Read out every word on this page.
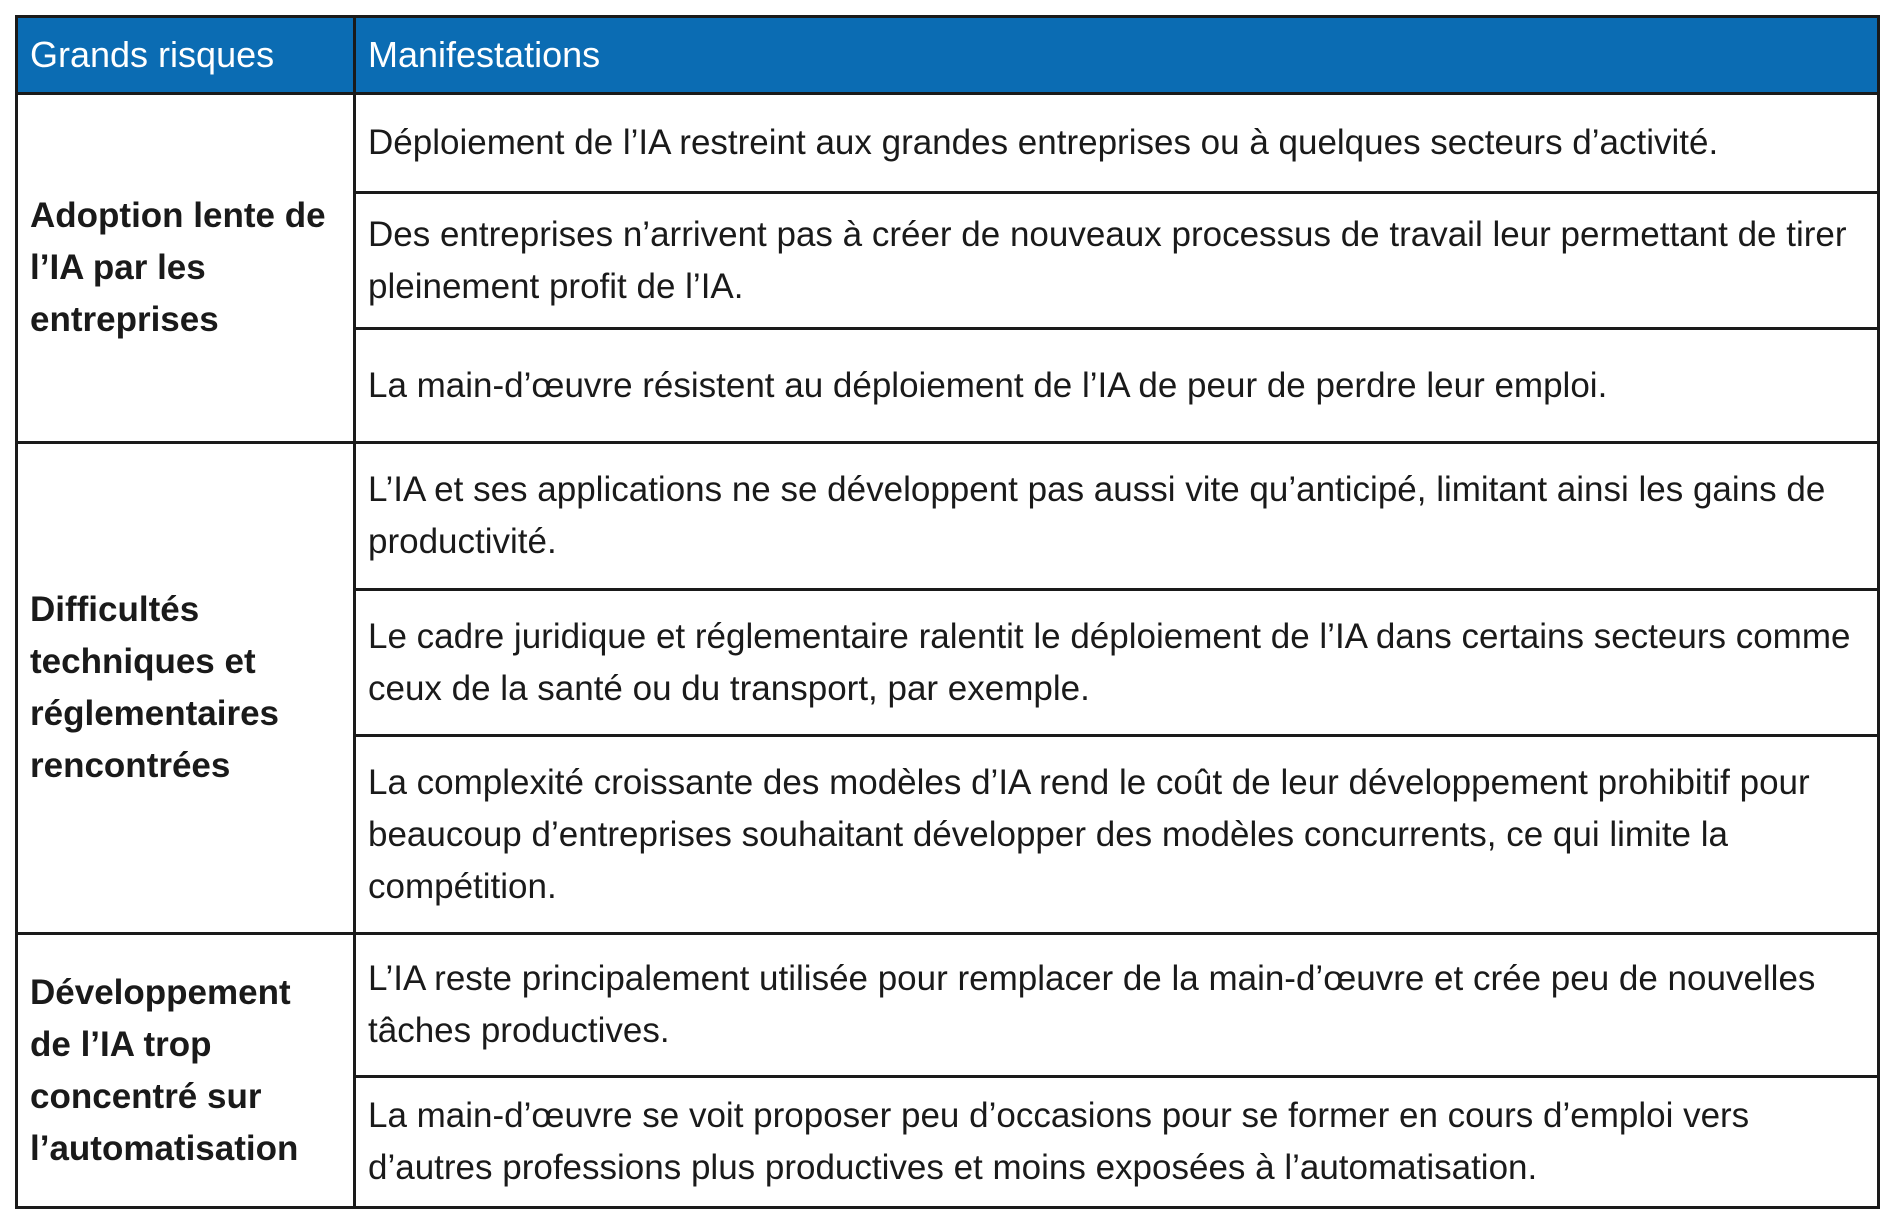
Grands risques	Manifestations
Adoption lente de l’IA par les entreprises	Déploiement de l’IA restreint aux grandes entreprises ou à quelques secteurs d’activité.
	Des entreprises n’arrivent pas à créer de nouveaux processus de travail leur permettant de tirer pleinement profit de l’IA.
	La main-d’œuvre résistent au déploiement de l’IA de peur de perdre leur emploi.
Difficultés techniques et réglementaires rencontrées	L’IA et ses applications ne se développent pas aussi vite qu’anticipé, limitant ainsi les gains de productivité.
	Le cadre juridique et réglementaire ralentit le déploiement de l’IA dans certains secteurs comme ceux de la santé ou du transport, par exemple.
	La complexité croissante des modèles d’IA rend le coût de leur développement prohibitif pour beaucoup d’entreprises souhaitant développer des modèles concurrents, ce qui limite la compétition.
Développement de l’IA trop concentré sur l’automatisation	L’IA reste principalement utilisée pour remplacer de la main-d’œuvre et crée peu de nouvelles tâches productives.
	La main-d’œuvre se voit proposer peu d’occasions pour se former en cours d’emploi vers d’autres professions plus productives et moins exposées à l’automatisation.
